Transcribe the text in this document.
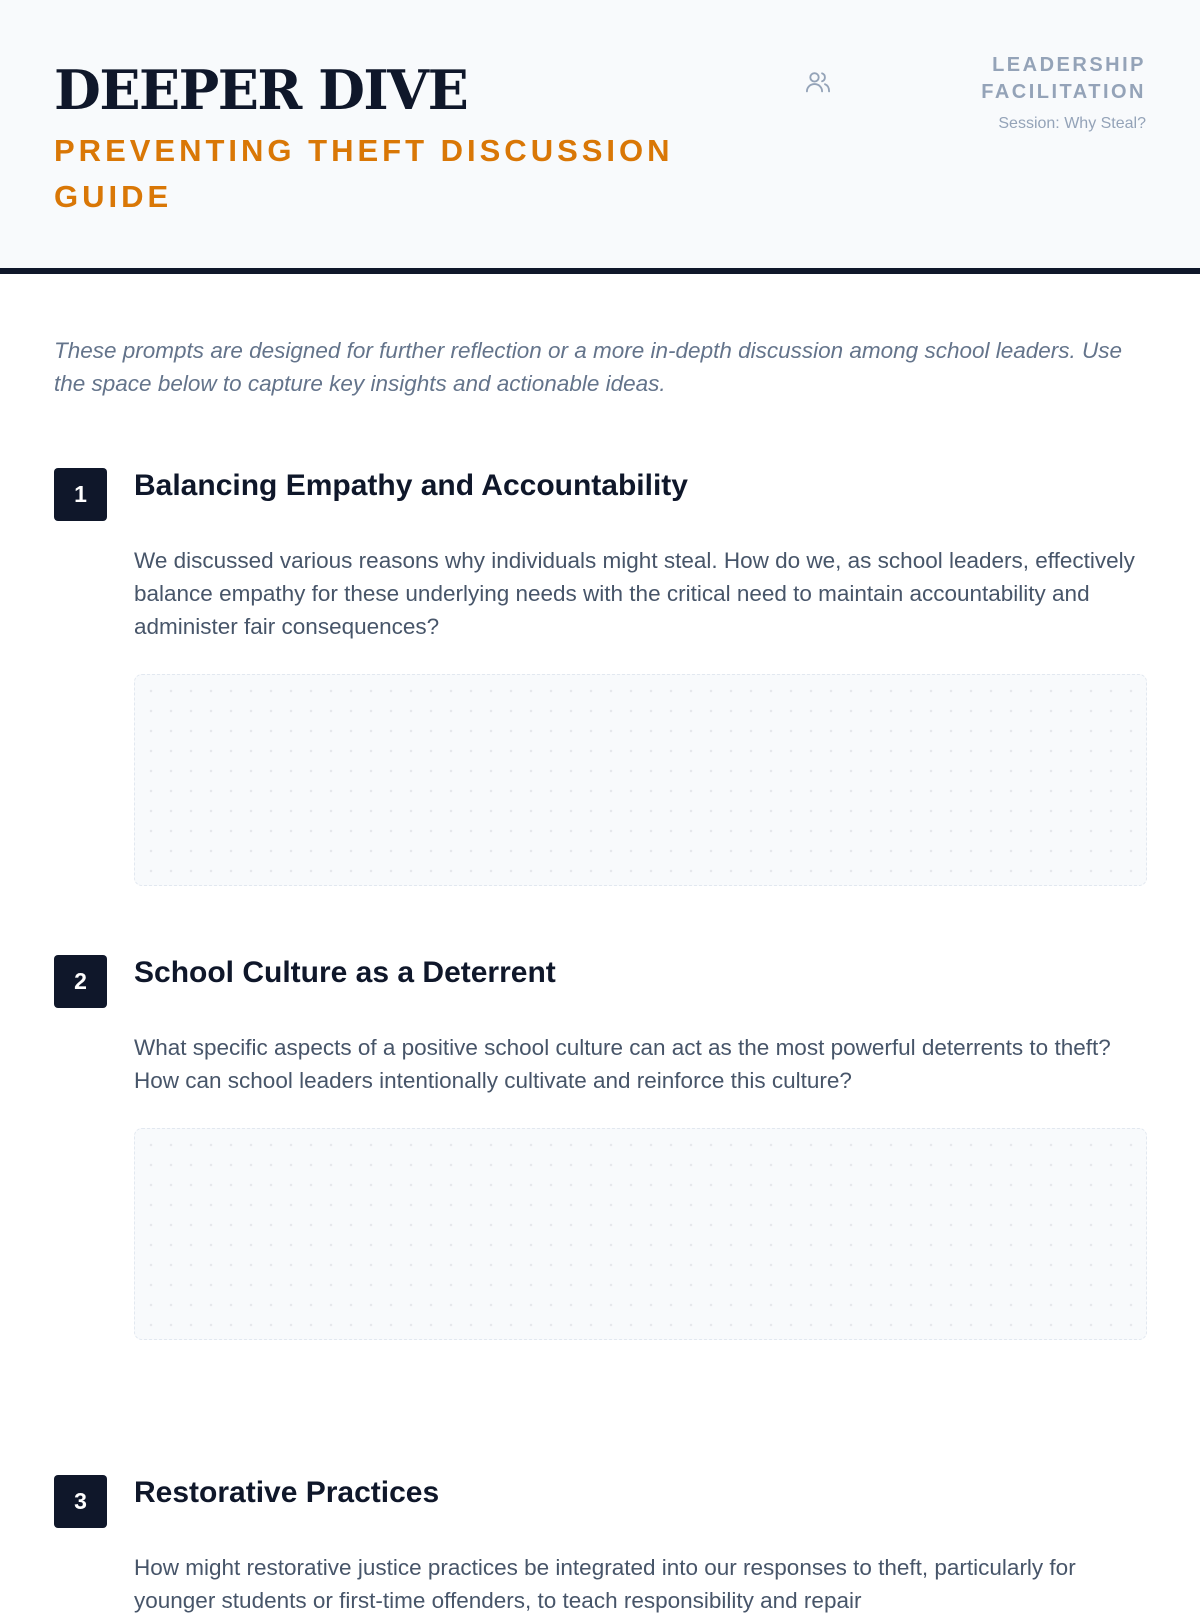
DEEPER DIVE
PREVENTING THEFT DISCUSSION GUIDE
LEADERSHIP FACILITATION
Session: Why Steal?
These prompts are designed for further reflection or a more in-depth discussion among school leaders. Use the space below to capture key insights and actionable ideas.
1	Balancing Empathy and Accountability
We discussed various reasons why individuals might steal. How do we, as school leaders, effectively balance empathy for these underlying needs with the critical need to maintain accountability and administer fair consequences?
2	School Culture as a Deterrent
What specific aspects of a positive school culture can act as the most powerful deterrents to theft? How can school leaders intentionally cultivate and reinforce this culture?
3	Restorative Practices
How might restorative justice practices be integrated into our responses to theft, particularly for younger students or first-time offenders, to teach responsibility and repair
